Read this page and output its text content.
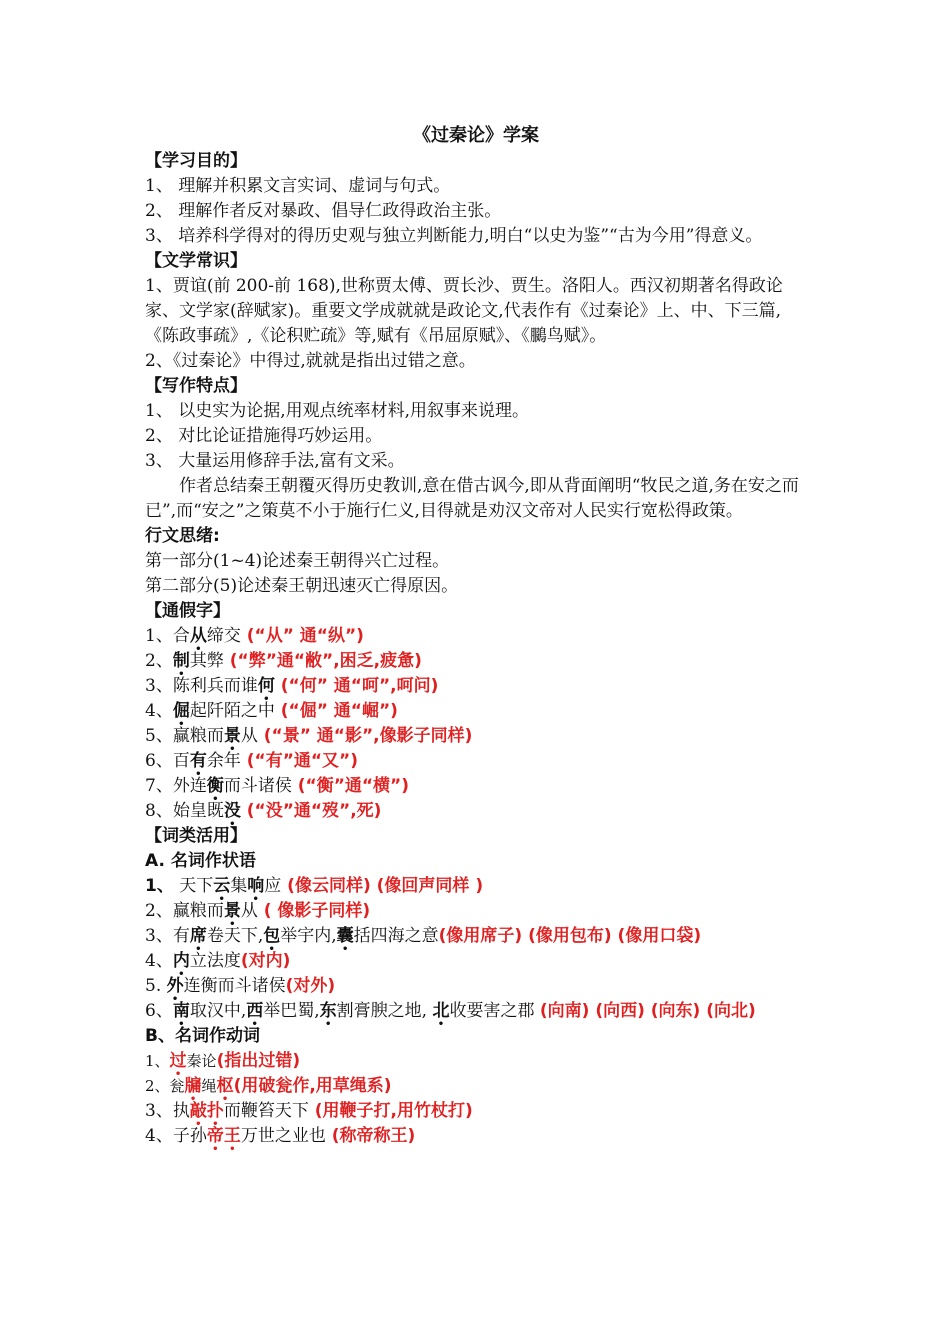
《过秦论》学案
【学习目的】
1、 理解并积累文言实词、虚词与句式。
2、 理解作者反对暴政、倡导仁政得政治主张。
3、 培养科学得对的得历史观与独立判断能力,明白“以史为鉴”“古为今用”得意义。
【文学常识】
1、贾谊(前 200-前 168),世称贾太傅、贾长沙、贾生。洛阳人。西汉初期著名得政论家、文学家(辞赋家)。重要文学成就就是政论文,代表作有《过秦论》上、中、下三篇,《陈政事疏》,《论积贮疏》等,赋有《吊屈原赋》、《鵩鸟赋》。
2、《过秦论》中得过,就就是指出过错之意。
【写作特点】
1、 以史实为论据,用观点统率材料,用叙事来说理。
2、 对比论证措施得巧妙运用。
3、 大量运用修辞手法,富有文采。
作者总结秦王朝覆灭得历史教训,意在借古讽今,即从背面阐明“牧民之道,务在安之而已”,而“安之”之策莫不小于施行仁义,目得就是劝汉文帝对人民实行宽松得政策。
行文思绪:
第一部分(1~4)论述秦王朝得兴亡过程。
第二部分(5)论述秦王朝迅速灭亡得原因。
【通假字】
1、合从缔交 (“从” 通“纵”)
2、制其弊 (“弊”通“敝”,困乏,疲惫)
3、陈利兵而谁何 (“何” 通“呵”,呵问)
4、倔起阡陌之中 (“倔” 通“崛”)
5、赢粮而景从 (“景” 通“影”,像影子同样)
6、百有余年 (“有”通“又”)
7、外连衡而斗诸侯 (“衡”通“横”)
8、始皇既没 (“没”通“歿”,死)
【词类活用】
A. 名词作状语
1、 天下云集响应 (像云同样) (像回声同样 )
2、赢粮而景从 ( 像影子同样)
3、有席卷天下,包举宇内,囊括四海之意(像用席子) (像用包布) (像用口袋)
4、内立法度(对内)
5. 外连衡而斗诸侯(对外)
6、南取汉中,西举巴蜀,东割膏腴之地, 北收要害之郡 (向南) (向西) (向东) (向北)
B、名词作动词
1、过秦论(指出过错)
2、瓮牖绳枢(用破瓮作,用草绳系)
3、执敲扑而鞭笞天下 (用鞭子打,用竹杖打)
4、子孙帝王万世之业也 (称帝称王)
